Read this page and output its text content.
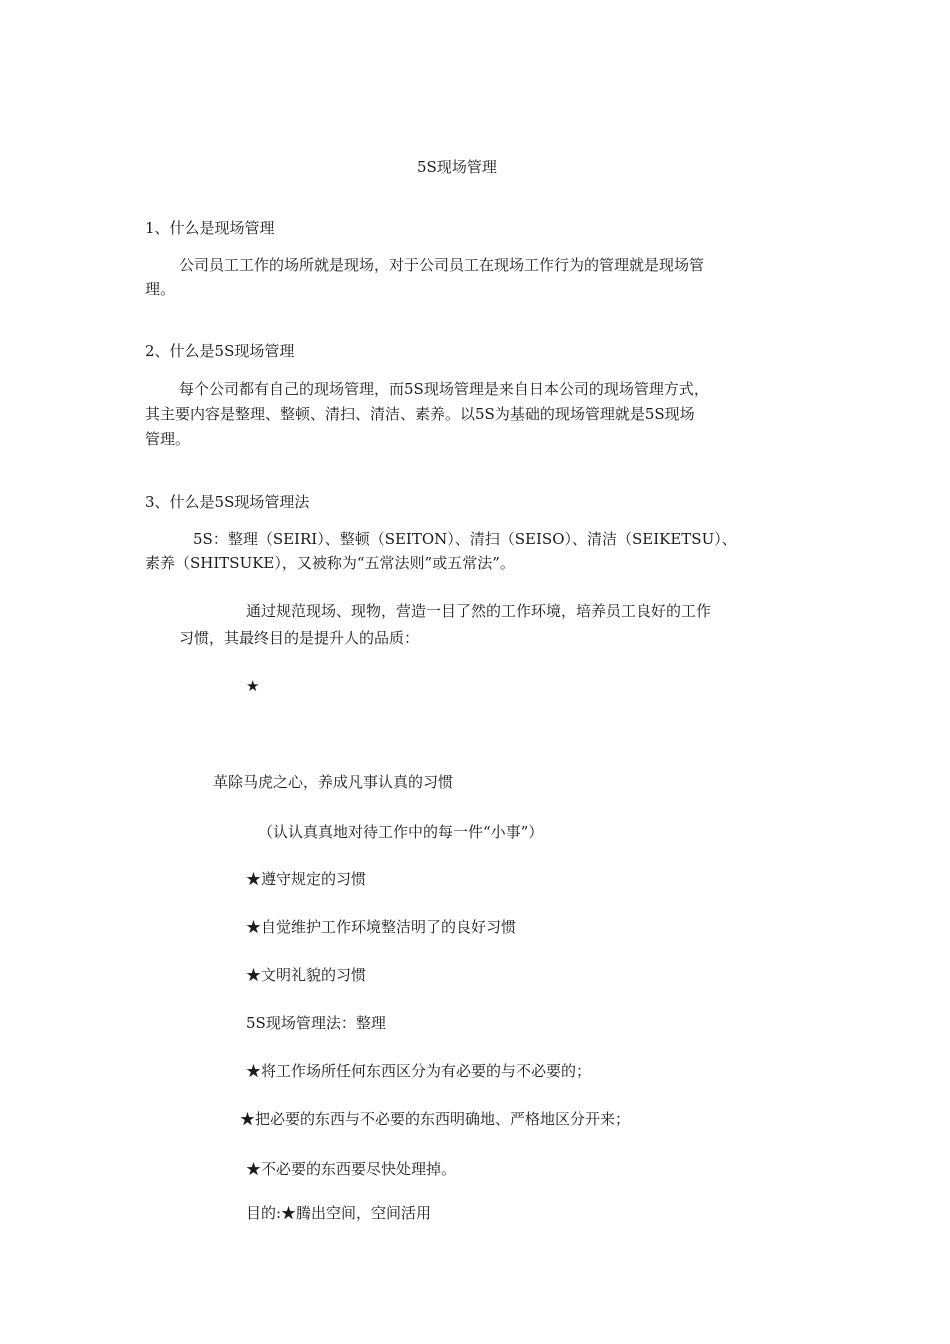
5S现场管理
1、什么是现场管理
公司员工工作的场所就是现场，对于公司员工在现场工作行为的管理就是现场管
理。
2、什么是5S现场管理
每个公司都有自己的现场管理，而5S现场管理是来自日本公司的现场管理方式，
其主要内容是整理、整顿、清扫、清洁、素养。以5S为基础的现场管理就是5S现场
管理。
3、什么是5S现场管理法
5S：整理（SEIRI）、整顿（SEITON）、清扫（SEISO）、清洁（SEIKETSU）、
素养（SHITSUKE），又被称为“五常法则”或五常法”。
通过规范现场、现物，营造一目了然的工作环境，培养员工良好的工作
习惯，其最终目的是提升人的品质：
★
革除马虎之心，养成凡事认真的习惯
（认认真真地对待工作中的每一件“小事”）
★遵守规定的习惯
★自觉维护工作环境整洁明了的良好习惯
★文明礼貌的习惯
5S现场管理法：整理
★将工作场所任何东西区分为有必要的与不必要的；
★把必要的东西与不必要的东西明确地、严格地区分开来；
★不必要的东西要尽快处理掉。
目的:★腾出空间，空间活用
